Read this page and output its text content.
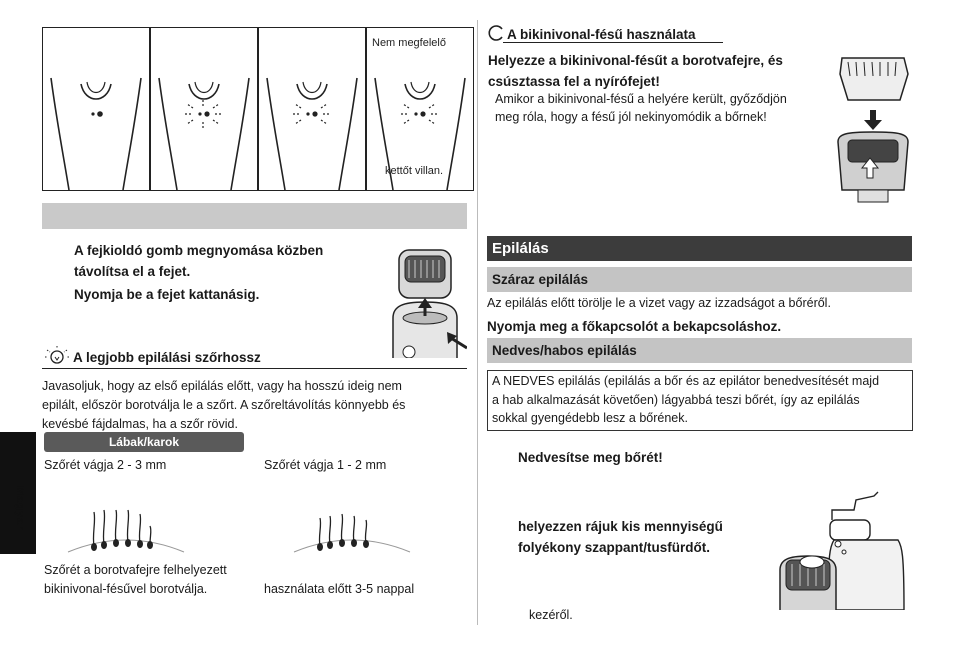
Nem megfelelő
kettőt villan.
A fejkioldó gomb megnyomása közben
távolítsa el a fejet.
Nyomja be a fejet kattanásig.
A legjobb epilálási szőrhossz
Javasoljuk, hogy az első epilálás előtt, vagy ha hosszú ideig nem
epilált, először borotválja le a szőrt. A szőreltávolítás könnyebb és
kevésbé fájdalmas, ha a szőr rövid.
Lábak/karok
Szőrét vágja 2 - 3 mm	Szőrét vágja 1 - 2 mm
Szőrét a borotvafejre felhelyezett
bikinivonal-fésűvel borotválja.	használata előtt 3-5 nappal
Magyar
A bikinivonal-fésű használata
Helyezze a bikinivonal-fésűt a borotvafejre, és
csúsztassa fel a nyírófejet!
Amikor a bikinivonal-fésű a helyére került, győződjön
meg róla, hogy a fésű jól nekinyomódik a bőrnek!
Epilálás
Száraz epilálás
Az epilálás előtt törölje le a vizet vagy az izzadságot a bőréről.
Nyomja meg a főkapcsolót a bekapcsoláshoz.
Nedves/habos epilálás
A NEDVES epilálás (epilálás a bőr és az epilátor benedvesítését majd
a hab alkalmazását követően) lágyabbá teszi bőrét, így az epilálás
sokkal gyengédebb lesz a bőrének.
Nedvesítse meg bőrét!
helyezzen rájuk kis mennyiségű
folyékony szappant/tusfürdőt.
kezéről.
